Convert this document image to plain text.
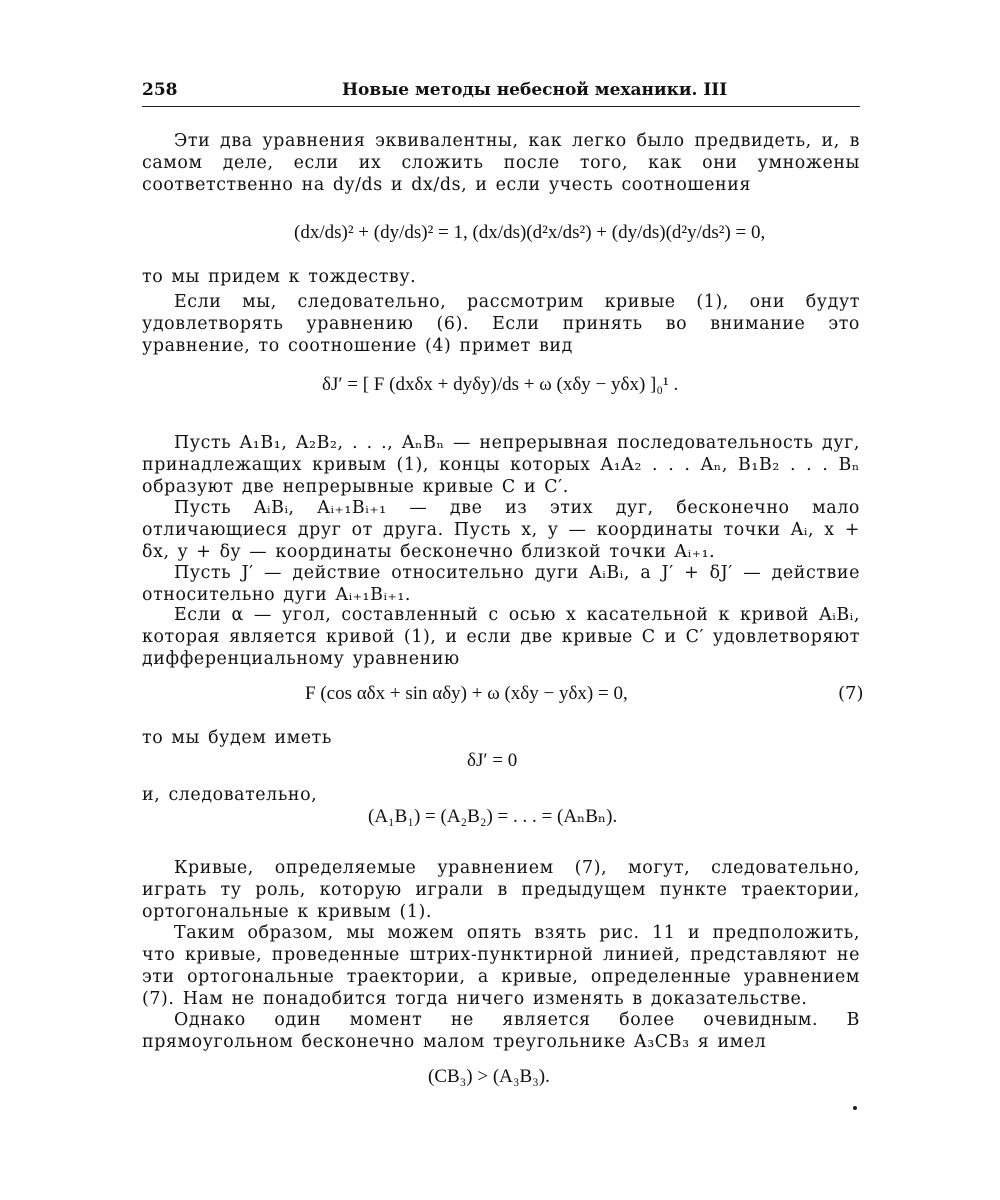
258	Новые методы небесной механики. III
Эти два уравнения эквивалентны, как легко было предвидеть, и, в самом деле, если их сложить после того, как они умножены соответственно на dy/ds и dx/ds, и если учесть соотношения
(dx/ds)² + (dy/ds)² = 1, (dx/ds)(d²x/ds²) + (dy/ds)(d²y/ds²) = 0,
то мы придем к тождеству.
Если мы, следовательно, рассмотрим кривые (1), они будут удовлетворять уравнению (6). Если принять во внимание это уравнение, то соотношение (4) примет вид
δJ′ = [ F (dxδx + dyδy)/ds + ω (xδy − yδx) ]₀¹ .
Пусть A₁B₁, A₂B₂, . . ., AₙBₙ — непрерывная последовательность дуг, принадлежащих кривым (1), концы которых A₁A₂ . . . Aₙ, B₁B₂ . . . Bₙ образуют две непрерывные кривые C и C′.
Пусть AᵢBᵢ, Aᵢ₊₁Bᵢ₊₁ — две из этих дуг, бесконечно мало отличающиеся друг от друга. Пусть x, y — координаты точки Aᵢ, x + δx, y + δy — координаты бесконечно близкой точки Aᵢ₊₁.
Пусть J′ — действие относительно дуги AᵢBᵢ, а J′ + δJ′ — действие относительно дуги Aᵢ₊₁Bᵢ₊₁.
Если α — угол, составленный с осью x касательной к кривой AᵢBᵢ, которая является кривой (1), и если две кривые C и C′ удовлетворяют дифференциальному уравнению
F (cos αδx + sin αδy) + ω (xδy − yδx) = 0,	(7)
то мы будем иметь
δJ′ = 0
и, следовательно,
(A₁B₁) = (A₂B₂) = . . . = (AₙBₙ).
Кривые, определяемые уравнением (7), могут, следовательно, играть ту роль, которую играли в предыдущем пункте траектории, ортогональные к кривым (1).
Таким образом, мы можем опять взять рис. 11 и предположить, что кривые, проведенные штрих-пунктирной линией, представляют не эти ортогональные траектории, а кривые, определенные уравнением (7). Нам не понадобится тогда ничего изменять в доказательстве.
Однако один момент не является более очевидным. В прямоугольном бесконечно малом треугольнике A₃CB₃ я имел
(CB₃) > (A₃B₃).
